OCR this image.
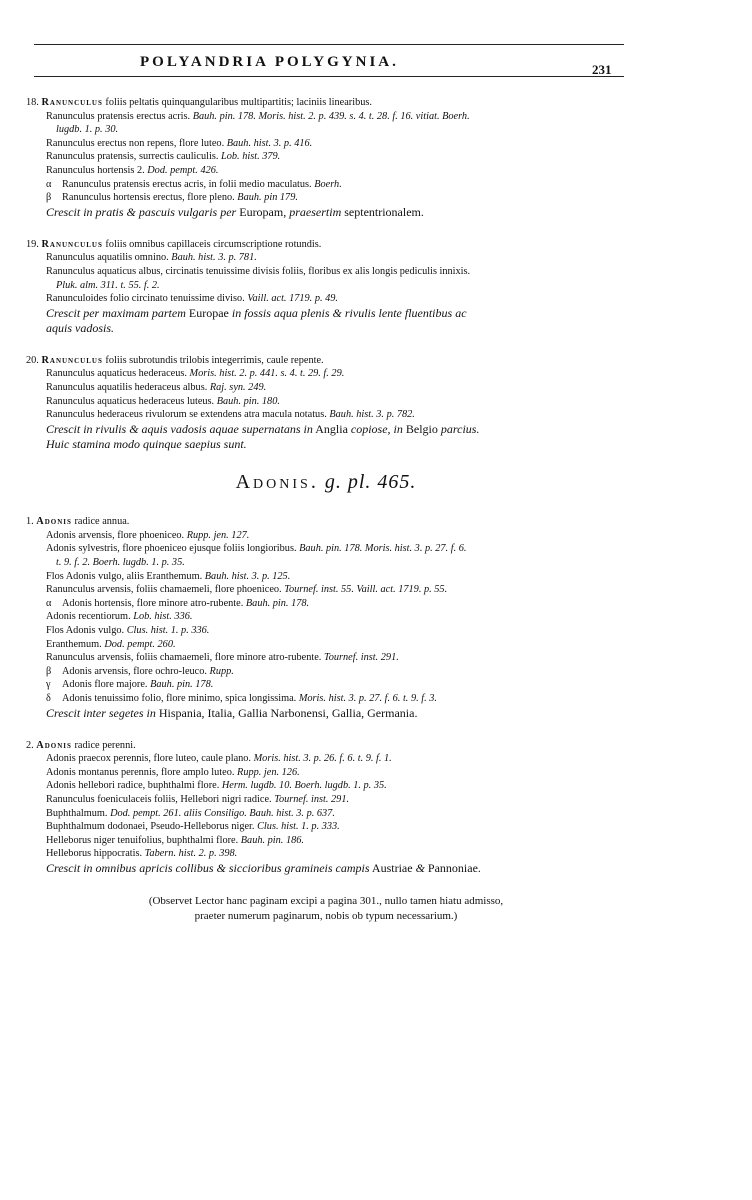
POLYANDRIA POLYGYNIA.	231
18. Ranunculus foliis peltatis quinquangularibus multipartitis; laciniis linearibus.
Ranunculus pratensis erectus acris. Bauh. pin. 178. Moris. hist. 2. p. 439. s. 4. t. 28. f. 16. vitiat. Boerh.
lugdb. 1. p. 30.
Ranunculus erectus non repens, flore luteo. Bauh. hist. 3. p. 416.
Ranunculus pratensis, surrectis cauliculis. Lob. hist. 379.
Ranunculus hortensis 2. Dod. pempt. 426.
α Ranunculus pratensis erectus acris, in folii medio maculatus. Boerh.
β Ranunculus hortensis erectus, flore pleno. Bauh. pin 179.
Crescit in pratis & pascuis vulgaris per Europam, praesertim septentrionalem.
19. Ranunculus foliis omnibus capillaceis circumscriptione rotundis.
Ranunculus aquatilis omnino. Bauh. hist. 3. p. 781.
Ranunculus aquaticus albus, circinatis tenuissime divisis foliis, floribus ex alis longis pediculis innixis.
Pluk. alm. 311. t. 55. f. 2.
Ranunculoides folio circinato tenuissime diviso. Vaill. act. 1719. p. 49.
Crescit per maximam partem Europae in fossis aqua plenis & rivulis lente fluentibus ac
aquis vadosis.
20. Ranunculus foliis subrotundis trilobis integerrimis, caule repente.
Ranunculus aquaticus hederaceus. Moris. hist. 2. p. 441. s. 4. t. 29. f. 29.
Ranunculus aquatilis hederaceus albus. Raj. syn. 249.
Ranunculus aquaticus hederaceus luteus. Bauh. pin. 180.
Ranunculus hederaceus rivulorum se extendens atra macula notatus. Bauh. hist. 3. p. 782.
Crescit in rivulis & aquis vadosis aquae supernatans in Anglia copiose, in Belgio parcius.
Huic stamina modo quinque saepius sunt.
Adonis. g. pl. 465.
1. Adonis radice annua.
Adonis arvensis, flore phoeniceo. Rupp. jen. 127.
Adonis sylvestris, flore phoeniceo ejusque foliis longioribus. Bauh. pin. 178. Moris. hist. 3. p. 27. f. 6.
t. 9. f. 2. Boerh. lugdb. 1. p. 35.
Flos Adonis vulgo, aliis Eranthemum. Bauh. hist. 3. p. 125.
Ranunculus arvensis, foliis chamaemeli, flore phoeniceo. Tournef. inst. 55. Vaill. act. 1719. p. 55.
α Adonis hortensis, flore minore atro-rubente. Bauh. pin. 178.
Adonis recentiorum. Lob. hist. 336.
Flos Adonis vulgo. Clus. hist. 1. p. 336.
Eranthemum. Dod. pempt. 260.
Ranunculus arvensis, foliis chamaemeli, flore minore atro-rubente. Tournef. inst. 291.
β Adonis arvensis, flore ochro-leuco. Rupp.
γ Adonis flore majore. Bauh. pin. 178.
δ Adonis tenuissimo folio, flore minimo, spica longissima. Moris. hist. 3. p. 27. f. 6. t. 9. f. 3.
Crescit inter segetes in Hispania, Italia, Gallia Narbonensi, Gallia, Germania.
2. Adonis radice perenni.
Adonis praecox perennis, flore luteo, caule plano. Moris. hist. 3. p. 26. f. 6. t. 9. f. 1.
Adonis montanus perennis, flore amplo luteo. Rupp. jen. 126.
Adonis hellebori radice, buphthalmi flore. Herm. lugdb. 10. Boerh. lugdb. 1. p. 35.
Ranunculus foeniculaceis foliis, Hellebori nigri radice. Tournef. inst. 291.
Buphthalmum. Dod. pempt. 261. aliis Consiligo. Bauh. hist. 3. p. 637.
Buphthalmum dodonaei, Pseudo-Helleborus niger. Clus. hist. 1. p. 333.
Helleborus niger tenuifolius, buphthalmi flore. Bauh. pin. 186.
Helleborus hippocratis. Tabern. hist. 2. p. 398.
Crescit in omnibus apricis collibus & siccioribus gramineis campis Austriae & Pannoniae.
(Observet Lector hanc paginam excipi a pagina 301., nullo tamen hiatu admisso,
praeter numerum paginarum, nobis ob typum necessarium.)
